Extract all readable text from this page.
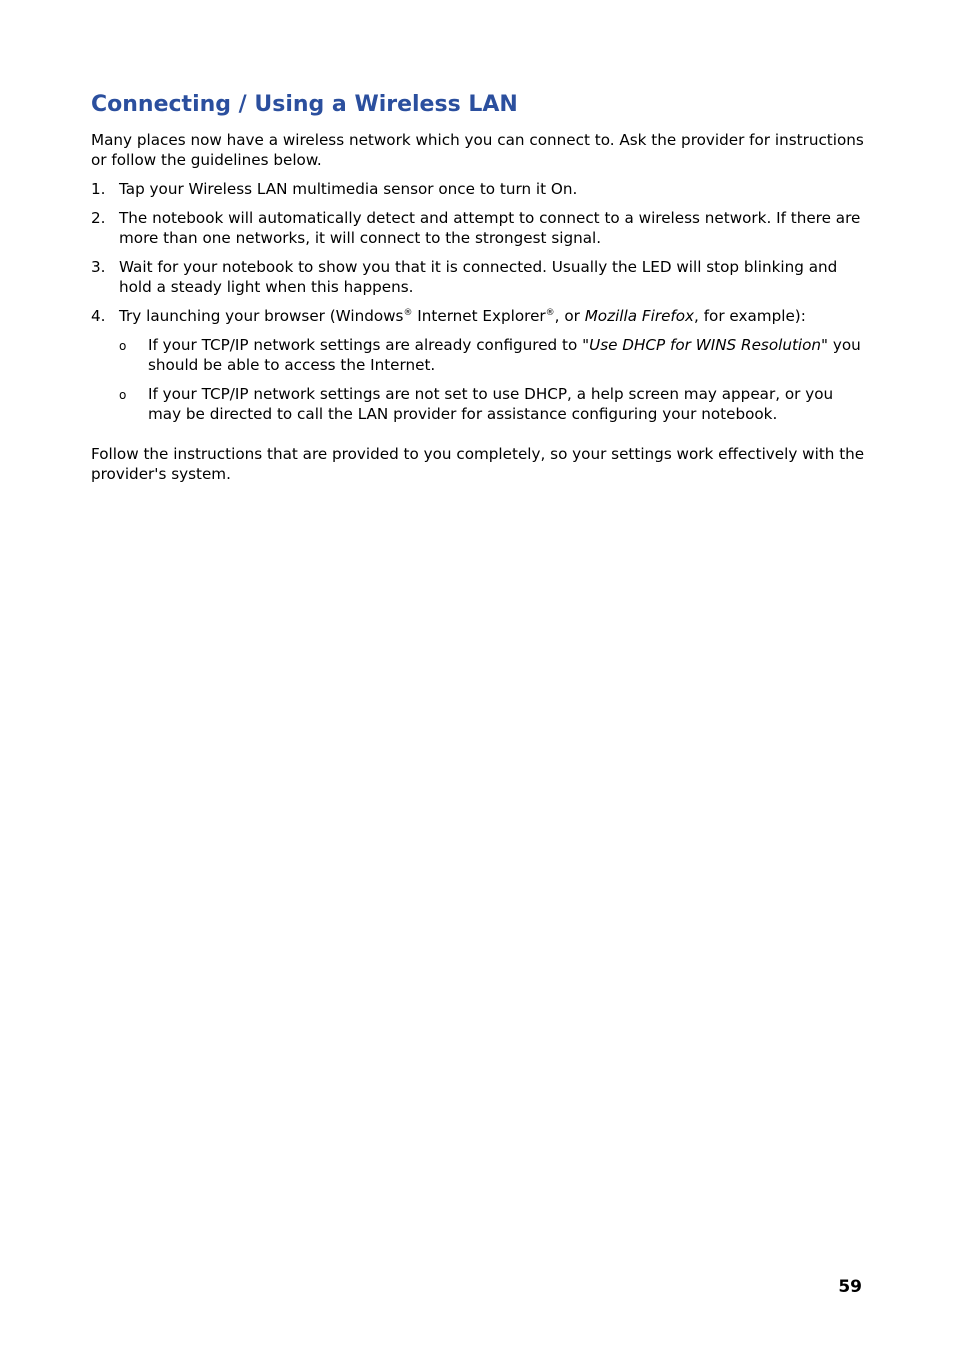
Connecting / Using a Wireless LAN

Many places now have a wireless network which you can connect to. Ask the provider for instructions or follow the guidelines below.

1. Tap your Wireless LAN multimedia sensor once to turn it On.
2. The notebook will automatically detect and attempt to connect to a wireless network. If there are more than one networks, it will connect to the strongest signal.
3. Wait for your notebook to show you that it is connected. Usually the LED will stop blinking and hold a steady light when this happens.
4. Try launching your browser (Windows® Internet Explorer®, or Mozilla Firefox, for example):
o If your TCP/IP network settings are already configured to "Use DHCP for WINS Resolution" you should be able to access the Internet.
o If your TCP/IP network settings are not set to use DHCP, a help screen may appear, or you may be directed to call the LAN provider for assistance configuring your notebook.

Follow the instructions that are provided to you completely, so your settings work effectively with the provider's system.

59
